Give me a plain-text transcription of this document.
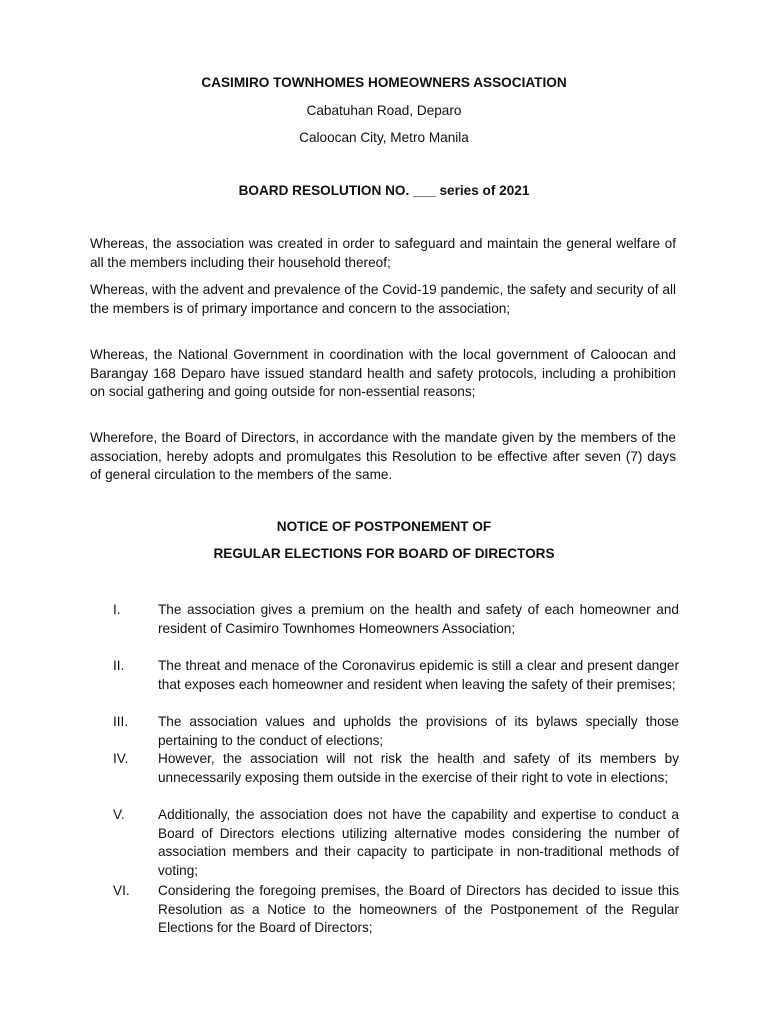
CASIMIRO TOWNHOMES HOMEOWNERS ASSOCIATION

Cabatuhan Road, Deparo

Caloocan City, Metro Manila

BOARD RESOLUTION NO. ___ series of 2021

Whereas, the association was created in order to safeguard and maintain the general welfare of all the members including their household thereof;

Whereas, with the advent and prevalence of the Covid-19 pandemic, the safety and security of all the members is of primary importance and concern to the association;

Whereas, the National Government in coordination with the local government of Caloocan and Barangay 168 Deparo have issued standard health and safety protocols, including a prohibition on social gathering and going outside for non-essential reasons;

Wherefore, the Board of Directors, in accordance with the mandate given by the members of the association, hereby adopts and promulgates this Resolution to be effective after seven (7) days of general circulation to the members of the same.

NOTICE OF POSTPONEMENT OF

REGULAR ELECTIONS FOR BOARD OF DIRECTORS

I.	The association gives a premium on the health and safety of each homeowner and resident of Casimiro Townhomes Homeowners Association;

II.	The threat and menace of the Coronavirus epidemic is still a clear and present danger that exposes each homeowner and resident when leaving the safety of their premises;

III.	The association values and upholds the provisions of its bylaws specially those pertaining to the conduct of elections;

IV.	However, the association will not risk the health and safety of its members by unnecessarily exposing them outside in the exercise of their right to vote in elections;

V.	Additionally, the association does not have the capability and expertise to conduct a Board of Directors elections utilizing alternative modes considering the number of association members and their capacity to participate in non-traditional methods of voting;

VI.	Considering the foregoing premises, the Board of Directors has decided to issue this Resolution as a Notice to the homeowners of the Postponement of the Regular Elections for the Board of Directors;
